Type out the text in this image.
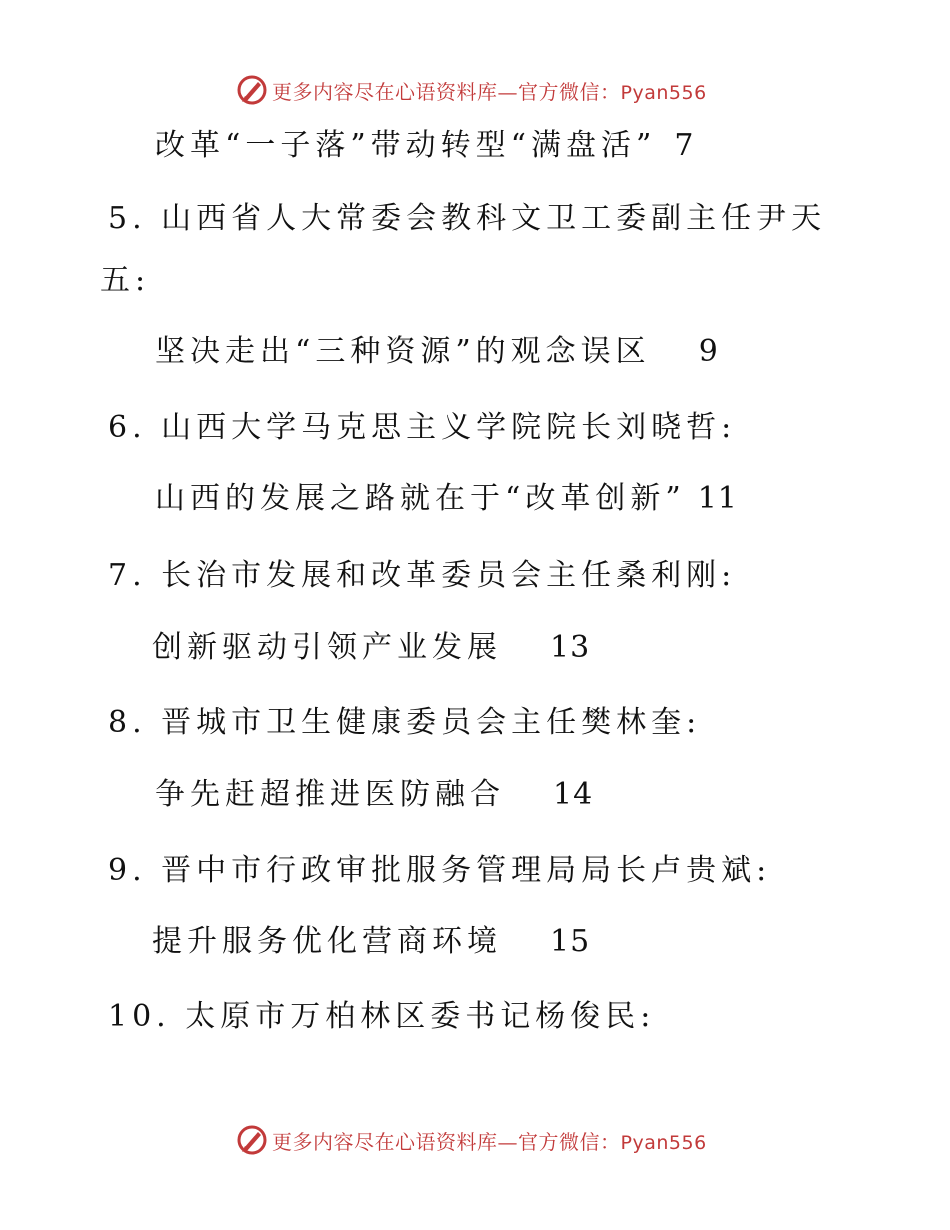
更多内容尽在心语资料库—官方微信：Pyan556
改革“一子落”带动转型“满盘活” 7
5. 山西省人大常委会教科文卫工委副主任尹天
五:
坚决走出“三种资源”的观念误区 9
6. 山西大学马克思主义学院院长刘晓哲:
山西的发展之路就在于“改革创新” 11
7. 长治市发展和改革委员会主任桑利刚:
创新驱动引领产业发展 13
8. 晋城市卫生健康委员会主任樊林奎:
争先赶超推进医防融合 14
9. 晋中市行政审批服务管理局局长卢贵斌:
提升服务优化营商环境 15
10. 太原市万柏林区委书记杨俊民:
更多内容尽在心语资料库—官方微信：Pyan556
